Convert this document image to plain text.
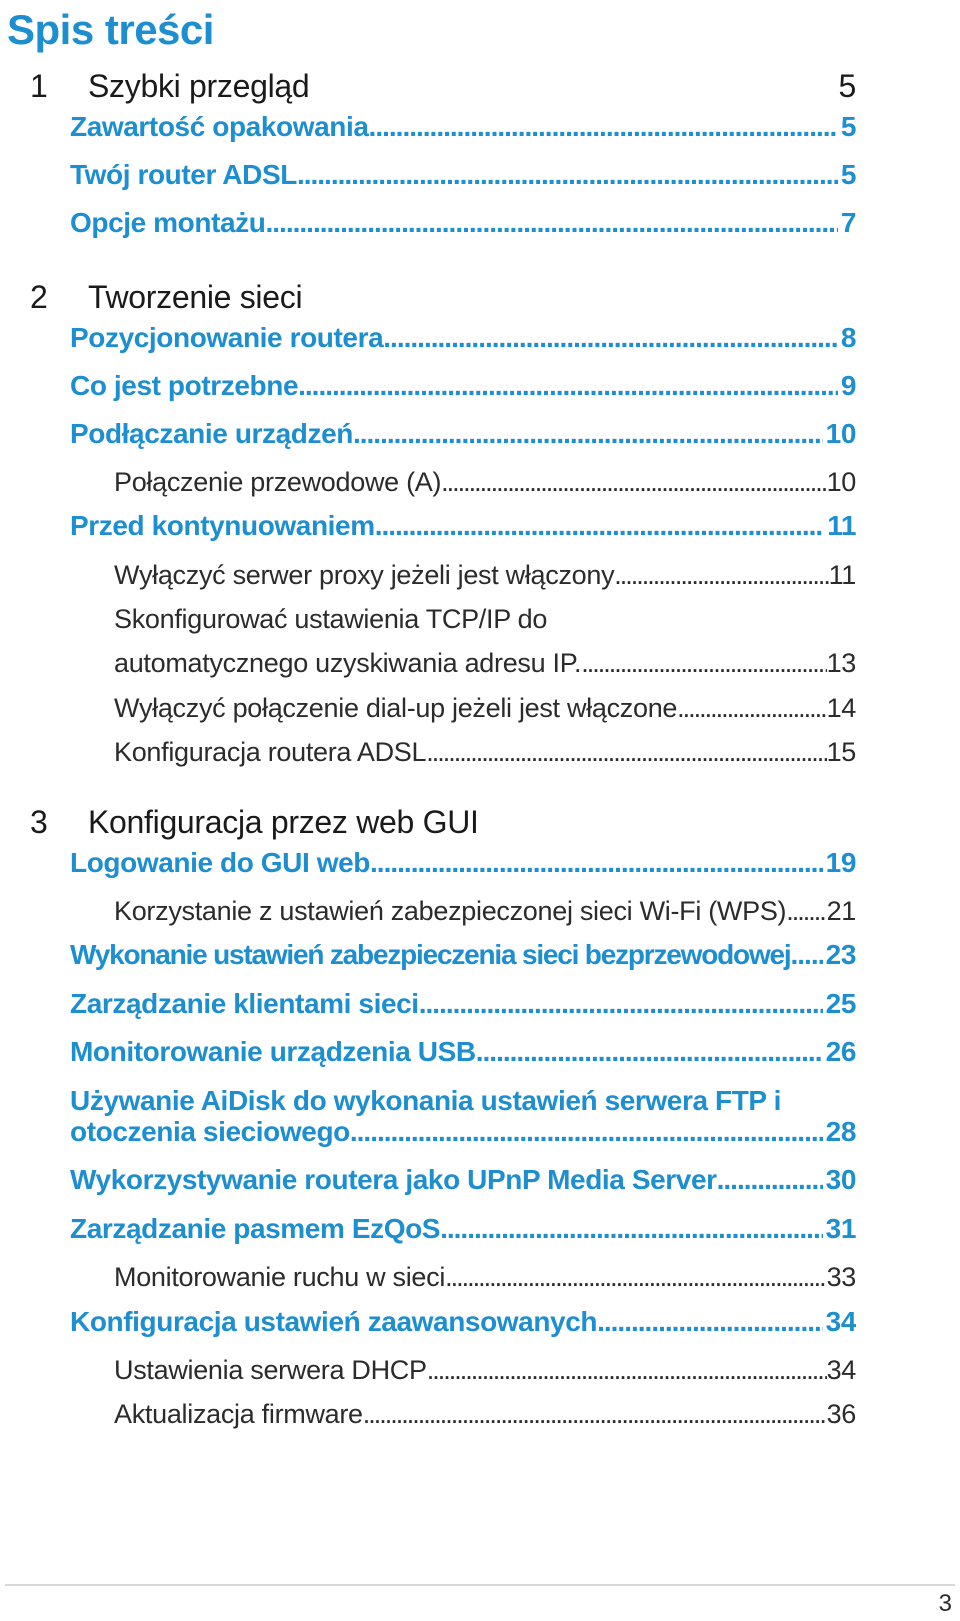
Spis treści
1	Szybki przegląd	5
Zawartość opakowania .....	5
Twój router ADSL .....	5
Opcje montażu .....	7
2	Tworzenie sieci
Pozycjonowanie routera .....	8
Co jest potrzebne .....	9
Podłączanie urządzeń .....	10
Połączenie przewodowe (A) .....	10
Przed kontynuowaniem .....	11
Wyłączyć serwer proxy jeżeli jest włączony .....	11
Skonfigurować ustawienia TCP/IP do
automatycznego uzyskiwania adresu IP. .....	13
Wyłączyć połączenie dial-up jeżeli jest włączone .....	14
Konfiguracja routera ADSL .....	15
3	Konfiguracja przez web GUI
Logowanie do GUI web .....	19
Korzystanie z ustawień zabezpieczonej sieci Wi-Fi (WPS) ..... 21
Wykonanie ustawień zabezpieczenia sieci bezprzewodowej ..... 23
Zarządzanie klientami sieci .....	25
Monitorowanie urządzenia USB .....	26
Używanie AiDisk do wykonania ustawień serwera FTP i
otoczenia sieciowego .....	28
Wykorzystywanie routera jako UPnP Media Server .....	30
Zarządzanie pasmem EzQoS .....	31
Monitorowanie ruchu w sieci .....	33
Konfiguracja ustawień zaawansowanych .....	34
Ustawienia serwera DHCP .....	34
Aktualizacja firmware .....	36
3
